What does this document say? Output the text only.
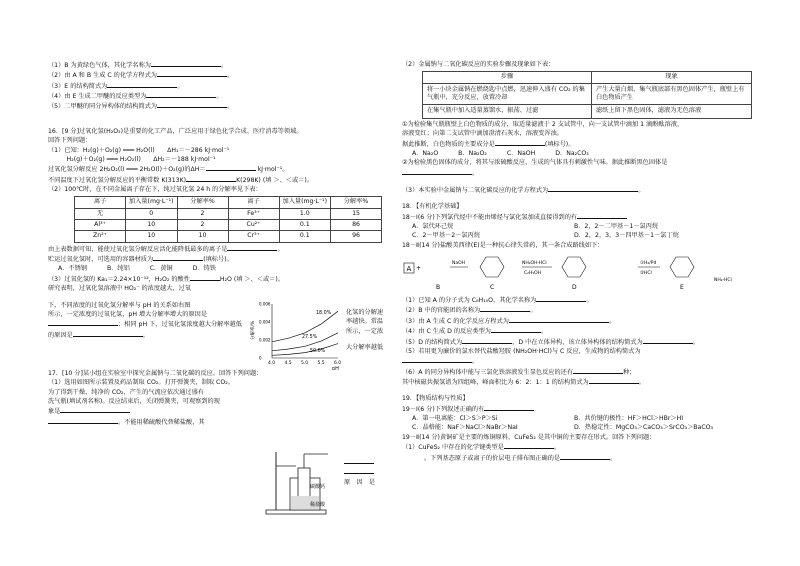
（1）B 为黄绿色气体，其化学名称为	。
（2）由 A 和 B 生成 C 的化学方程式为	。
（3）E 的结构简式为	。
（4）由 E 生成二甲醚的反应类型为	。
（5）二甲醚的同分异构体的结构简式为	。
16．[9 分]过氧化氢(H₂O₂)是重要的化工产品，广泛应用于绿色化学合成、医疗消毒等领域。
回答下列问题：
（1）已知：H₂(g)＋O₂(g) ═══ H₂O(l)　　ΔH₁＝－286 kJ·mol⁻¹
　　　H₂(g)＋O₂(g) ═══ H₂O₂(l)　　ΔH₂＝－188 kJ·mol⁻¹
过氧化氢分解反应 2H₂O₂(l) ═══ 2H₂O(l)＋O₂(g)的ΔH＝	kJ·mol⁻¹。
不同温度下过氧化氢分解反应的平衡常数 K(313K)	K(298K) (填 ＞、＜或＝)。
（2）100℃时，在不同金属离子存在下，纯过氧化氢 24 h 的分解率见下表：
离子	加入量(mg·L⁻¹)	分解率%	离子	加入量(mg·L⁻¹)	分解率%
无	0	2	Fe³⁺	1.0	15
Al³⁺	10	2	Cu²⁺	0.1	86
Zn²⁺	10	10	Cr³⁺	0.1	96
由上表数据可知，能使过氧化氢分解反应活化能降低最多的离子是	。
贮运过氧化氢时，可选用的容器材质为	(填标号)。
A．不锈钢	B．纯铝	C．黄铜	D．铸铁
（3）过氧化氢的 Ka₁＝2.24×10⁻¹²，H₂O₂ 的酸性	H₂O (填 ＞、＜或＝)。
研究表明，过氧化氢溶液中 HO₂⁻ 的浓度越大，过氧
下，不同浓度的过氧化氢分解率与 pH 的关系如右图
所示，一定浓度的过氧化氢，pH 增大分解率增大的原因是
；相同 pH 下，过氧化氢浓度越大分解率越低
的原因是	。
17．[10 分]某小组在实验室中探究金属钠与二氧化碳的反应。回答下列问题：
（1）选用如图所示装置及药品制取 CO₂。打开弹簧夹，制取 CO₂。
为了得到干燥、纯净的 CO₂，产生的气流应依次通过盛有
洗气瓶(填试剂名称)。反应结束后，关闭弹簧夹，可观察到的现
象是
。不能用稀硫酸代替稀盐酸，其
化氢的分解速
率越快。常温
所示，一定浓
大分解率越低
4.0 4.5 5.0 5.5 6.0
0
0.002
0.004
0.006
pH
分解率/%
18.0%
27.5%
50.0%
原　因　是
碳酸钙
稀盐酸
（2）金属钠与二氧化碳反应的实验步骤及现象如下表：
步骤	现象
将一小块金属钠在燃烧匙中点燃，迅速伸入盛有 CO₂ 的集气瓶中，充分反应，放置冷却	产生大量白烟，集气瓶底部有黑色固体产生，瓶壁上有白色物质产生
在集气瓶中加入适量蒸馏水，振荡、过滤	滤纸上留下黑色固体，滤液为无色溶液
①为检验集气瓶瓶壁上白色物质的成分，取适量滤液于 2 支试管中，向一支试管中滴加 1 滴酚酞溶液，
溶液变红；向第二支试管中滴加澄清石灰水，溶液变浑浊。
据此推断，白色物质的主要成分是	(填标号)。
A．Na₂O	B．Na₂O₂	C．NaOH	D．Na₂CO₃
②为检验黑色固体的成分，将其与浓硫酸反应，生成的气体具有刺激性气味。据此推断黑色固体是
。
（3）本实验中金属钠与二氧化碳反应的化学方程式为	。
18．【有机化学基础】
18－Ⅰ(6 分)下列氯代烃中不能由烯烃与氯化氢加成直接得到的有
A．氯代环己烷	B．2，2－二甲基－1－氯丙烷
C．2－甲基－2－氯丙烷	D．2，2，3，3－四甲基－1－氯丁烷
18－Ⅱ(14 分)盐酸美西律(E)是一种抗心律失常药，其一条合成路线如下：
A +
NaOH
C
NH₂OH·HCl
C₂H₅OH
D
①H₂/Pd
②HCl
E
NH₂·HCl
B
（1）已知 A 的分子式为 C₈H₁₀O，其化学名称为	。
（2）B 中的官能团的名称为	。
（3）由 A 生成 C 的化学反应方程式为	。
（4）由 C 生成 D 的反应类型为	。
（5）D 的结构简式为	，D 中在立体异构，该立体异构体的结构简式为	。
（5）若用更为廉价的氯水替代盐酸羟胺 (NH₂OH·HCl)与 C 反应，生成物的结构简式为
。
（6）A 的同分异构体中能与三氯化铁溶液发生显色反应的还有	种；
其中核磁共振氢谱为四组峰，峰面积比为 6：2：1：1 的结构简式为	。
19．【物质结构与性质】
19－Ⅰ(6 分)下列叙述正确的有
A．第一电离能：Cl＞S＞P＞Si	B．共价键的极性：HF＞HCl＞HBr＞HI
C．晶格能：NaF＞NaCl＞NaBr＞NaI	D．热稳定性：MgCO₃＞CaCO₃＞SrCO₃＞BaCO₃
19－Ⅱ(14 分)黄铜矿是主要的炼铜原料，CuFeS₂ 是其中铜的主要存在形式。回答下列问题：
（1）CuFeS₂ 中存在的化学键类型是	。
。下列基态原子或离子的价层电子排布图正确的是	。
